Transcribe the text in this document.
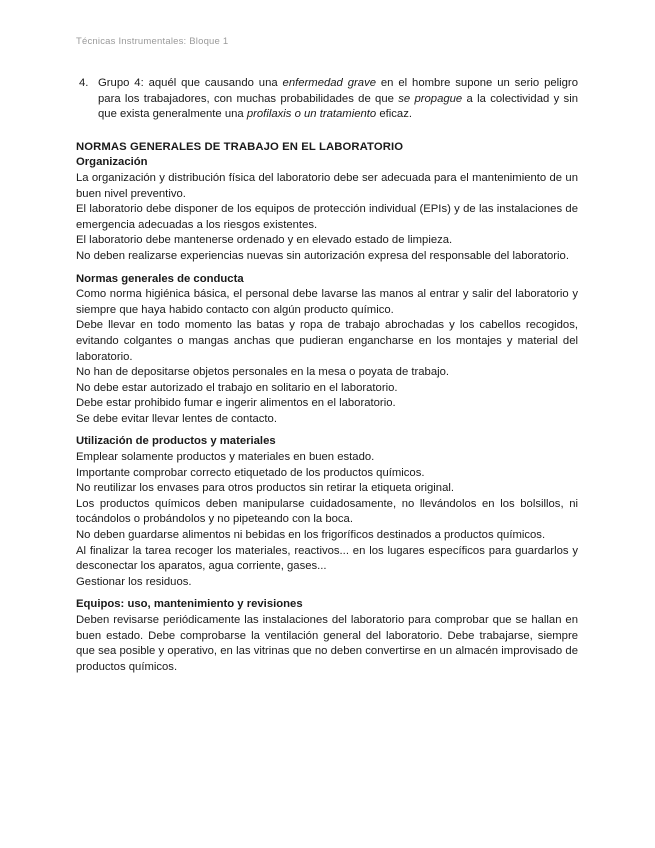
Técnicas Instrumentales: Bloque 1
4. Grupo 4: aquél que causando una enfermedad grave en el hombre supone un serio peligro para los trabajadores, con muchas probabilidades de que se propague a la colectividad y sin que exista generalmente una profilaxis o un tratamiento eficaz.
NORMAS GENERALES DE TRABAJO EN EL LABORATORIO
Organización

La organización y distribución física del laboratorio debe ser adecuada para el mantenimiento de un buen nivel preventivo.

El laboratorio debe disponer de los equipos de protección individual (EPIs) y de las instalaciones de emergencia adecuadas a los riesgos existentes.

El laboratorio debe mantenerse ordenado y en elevado estado de limpieza.

No deben realizarse experiencias nuevas sin autorización expresa del responsable del laboratorio.

Normas generales de conducta

Como norma higiénica básica, el personal debe lavarse las manos al entrar y salir del laboratorio y siempre que haya habido contacto con algún producto químico.

Debe llevar en todo momento las batas y ropa de trabajo abrochadas y los cabellos recogidos, evitando colgantes o mangas anchas que pudieran engancharse en los montajes y material del laboratorio.

No han de depositarse objetos personales en la mesa o poyata de trabajo.

No debe estar autorizado el trabajo en solitario en el laboratorio.

Debe estar prohibido fumar e ingerir alimentos en el laboratorio.

Se debe evitar llevar lentes de contacto.

Utilización de productos y materiales

Emplear solamente productos y materiales en buen estado.

Importante comprobar correcto etiquetado de los productos químicos.

No reutilizar los envases para otros productos sin retirar la etiqueta original.

Los productos químicos deben manipularse cuidadosamente, no llevándolos en los bolsillos, ni tocándolos o probándolos y no pipeteando con la boca.

No deben guardarse alimentos ni bebidas en los frigoríficos destinados a productos químicos.

Al finalizar la tarea recoger los materiales, reactivos... en los lugares específicos para guardarlos y desconectar los aparatos, agua corriente, gases...

Gestionar los residuos.

Equipos: uso, mantenimiento y revisiones

Deben revisarse periódicamente las instalaciones del laboratorio para comprobar que se hallan en buen estado. Debe comprobarse la ventilación general del laboratorio. Debe trabajarse, siempre que sea posible y operativo, en las vitrinas que no deben convertirse en un almacén improvisado de productos químicos.
